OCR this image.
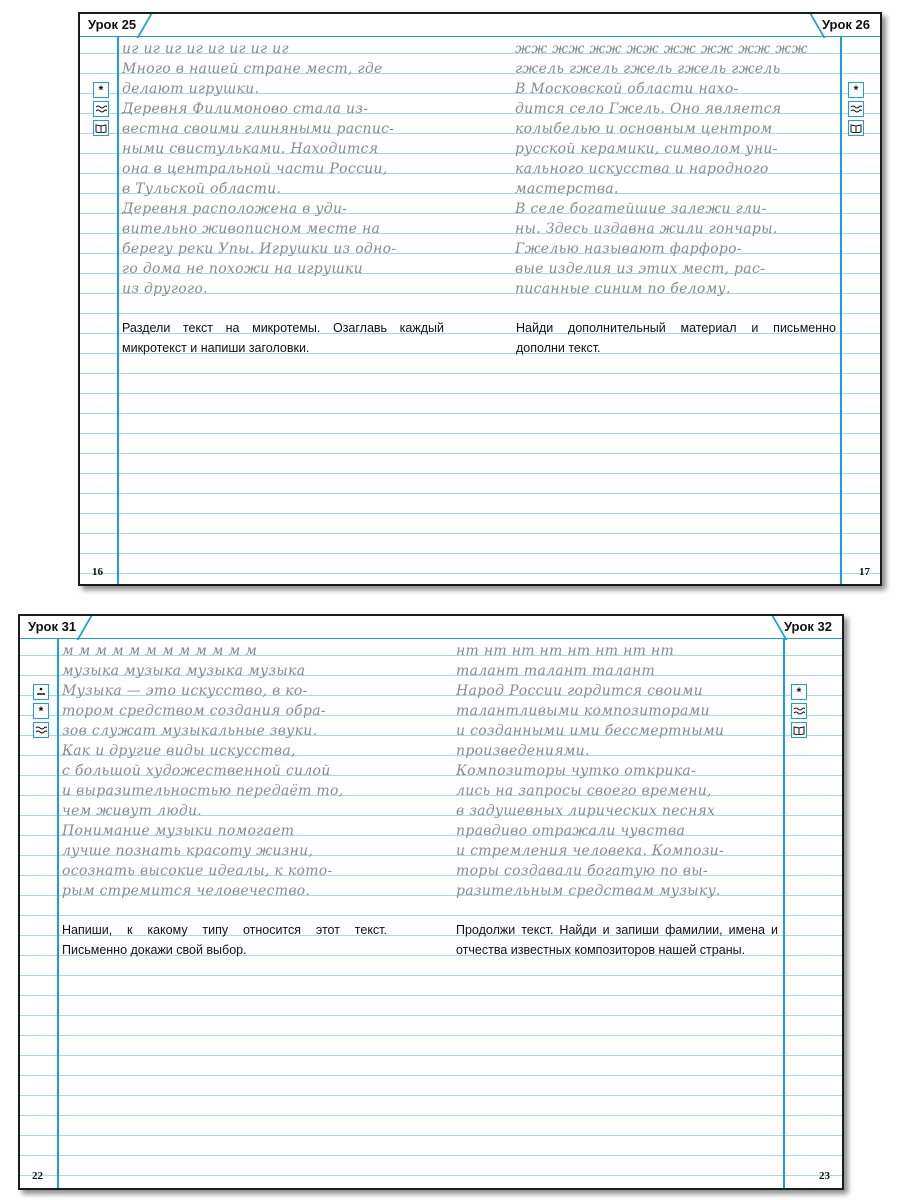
Урок 25	Урок 26
*	*
иг иг иг иг иг иг иг иг
Много в нашей стране мест, где
делают игрушки.
Деревня Филимоново стала из-
вестна своими глиняными распис-
ными свистульками. Находится
она в центральной части России,
в Тульской области.
Деревня расположена в уди-
вительно живописном месте на
берегу реки Упы. Игрушки из одно-
го дома не похожи на игрушки
из другого.
жж жж жж жж жж жж жж жж
гжель гжель гжель гжель гжель
В Московской области нахо-
дится село Гжель. Оно является
колыбелью и основным центром
русской керамики, символом уни-
кального искусства и народного
мастерства.
В селе богатейшие залежи гли-
ны. Здесь издавна жили гончары.
Гжелью называют фарфоро-
вые изделия из этих мест, рас-
писанные синим по белому.
Раздели текст на микротемы. Озаглавь каждый микротекст и напиши заголовки.
Найди дополнительный материал и письменно дополни текст.
16	17
Урок 31	Урок 32
*
*
м м м м м м м м м м м м
музыка музыка музыка музыка
Музыка — это искусство, в ко-
тором средством создания обра-
зов служат музыкальные звуки.
Как и другие виды искусства,
с большой художественной силой
и выразительностью передаёт то,
чем живут люди.
Понимание музыки помогает
лучше познать красоту жизни,
осознать высокие идеалы, к кото-
рым стремится человечество.
нт нт нт нт нт нт нт нт
талант талант талант
Народ России гордится своими
талантливыми композиторами
и созданными ими бессмертными
произведениями.
Композиторы чутко открика-
лись на запросы своего времени,
в задушевных лирических песнях
правдиво отражали чувства
и стремления человека. Компози-
торы создавали богатую по вы-
разительным средствам музыку.
Напиши, к какому типу относится этот текст. Письменно докажи свой выбор.
Продолжи текст. Найди и запиши фамилии, имена и отчества известных композиторов нашей страны.
22	23
